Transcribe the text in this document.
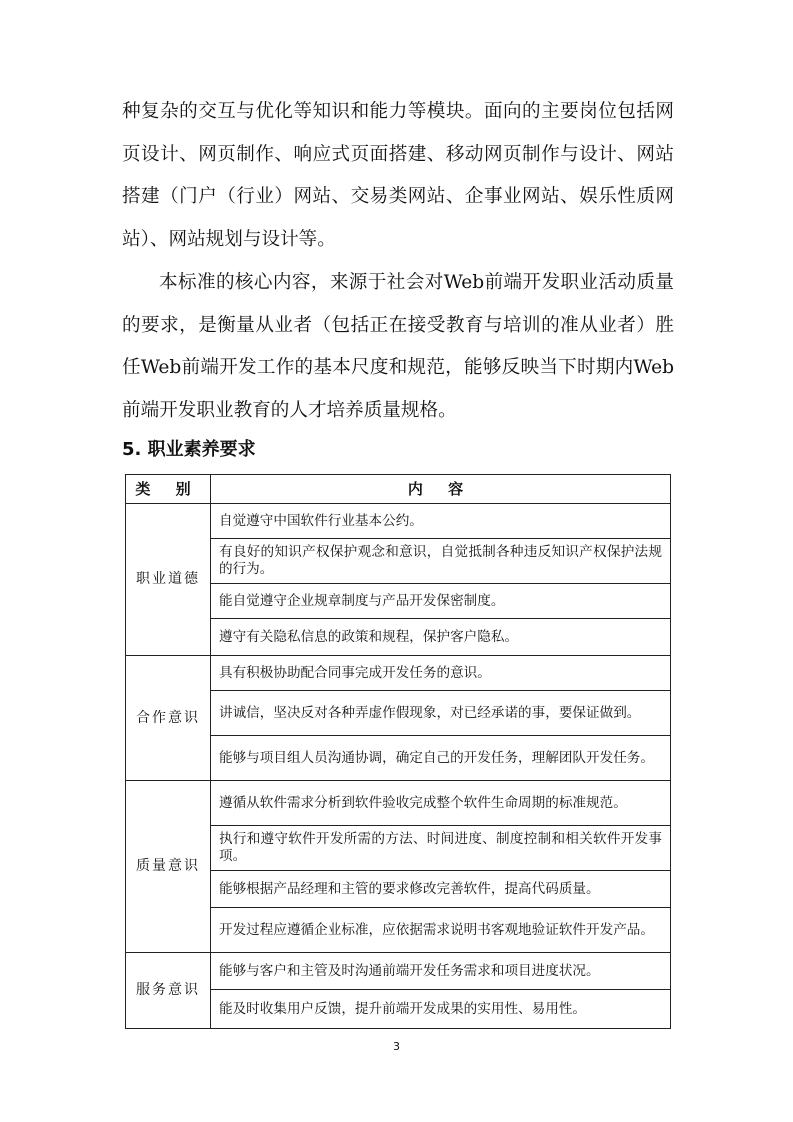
种复杂的交互与优化等知识和能力等模块。面向的主要岗位包括网页设计、网页制作、响应式页面搭建、移动网页制作与设计、网站搭建（门户（行业）网站、交易类网站、企事业网站、娱乐性质网站）、网站规划与设计等。

本标准的核心内容，来源于社会对Web前端开发职业活动质量的要求，是衡量从业者（包括正在接受教育与培训的准从业者）胜任Web前端开发工作的基本尺度和规范，能够反映当下时期内Web前端开发职业教育的人才培养质量规格。

5. 职业素养要求
类 别	内 容
职业道德	自觉遵守中国软件行业基本公约。
	有良好的知识产权保护观念和意识，自觉抵制各种违反知识产权保护法规的行为。
	能自觉遵守企业规章制度与产品开发保密制度。
	遵守有关隐私信息的政策和规程，保护客户隐私。
合作意识	具有积极协助配合同事完成开发任务的意识。
	讲诚信，坚决反对各种弄虚作假现象，对已经承诺的事，要保证做到。
	能够与项目组人员沟通协调，确定自己的开发任务，理解团队开发任务。
质量意识	遵循从软件需求分析到软件验收完成整个软件生命周期的标准规范。
	执行和遵守软件开发所需的方法、时间进度、制度控制和相关软件开发事项。
	能够根据产品经理和主管的要求修改完善软件，提高代码质量。
	开发过程应遵循企业标准，应依据需求说明书客观地验证软件开发产品。
服务意识	能够与客户和主管及时沟通前端开发任务需求和项目进度状况。
	能及时收集用户反馈，提升前端开发成果的实用性、易用性。
3
